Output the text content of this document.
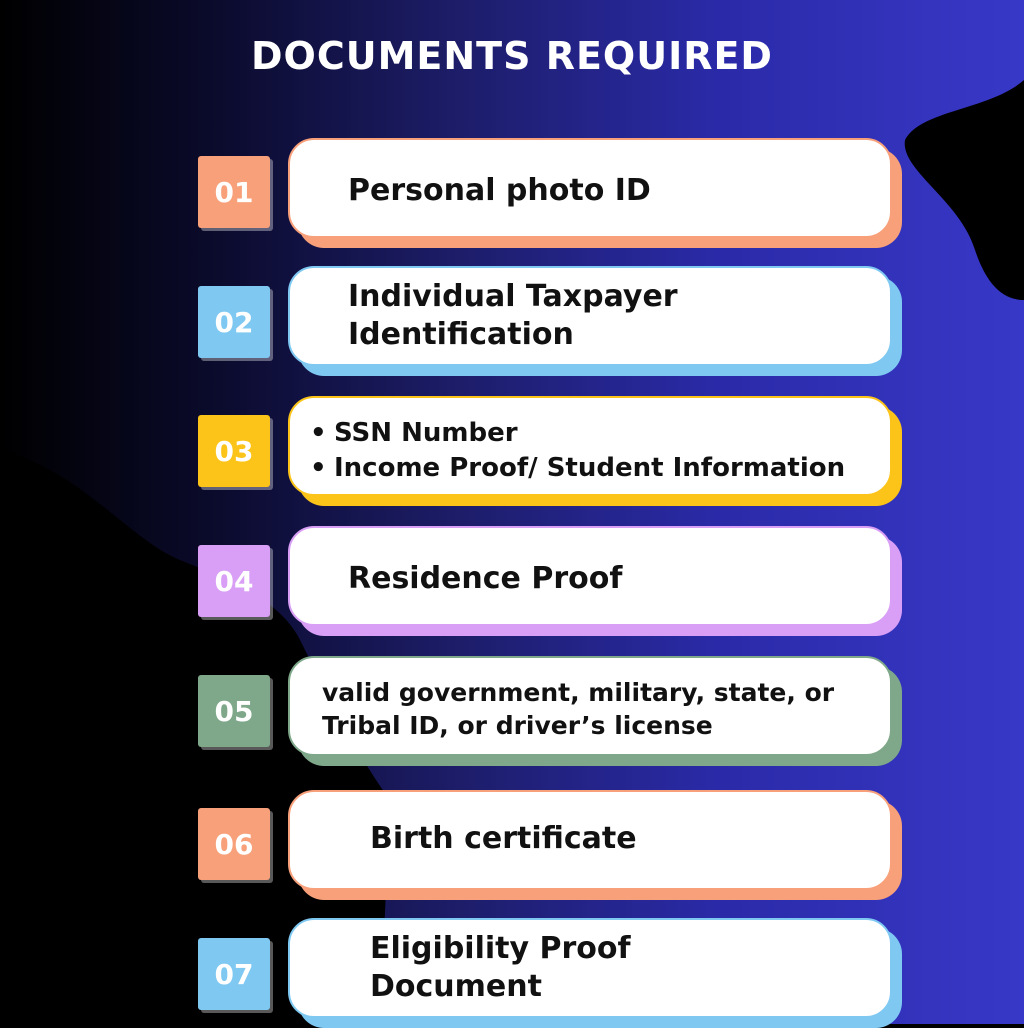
DOCUMENTS REQUIRED
01	Personal photo ID
02
Individual Taxpayer
Identification
03
• SSN Number
• Income Proof/ Student Information
04	Residence Proof
05
valid government, military, state, or
Tribal ID, or driver’s license
06	Birth certificate
07
Eligibility Proof
Document
